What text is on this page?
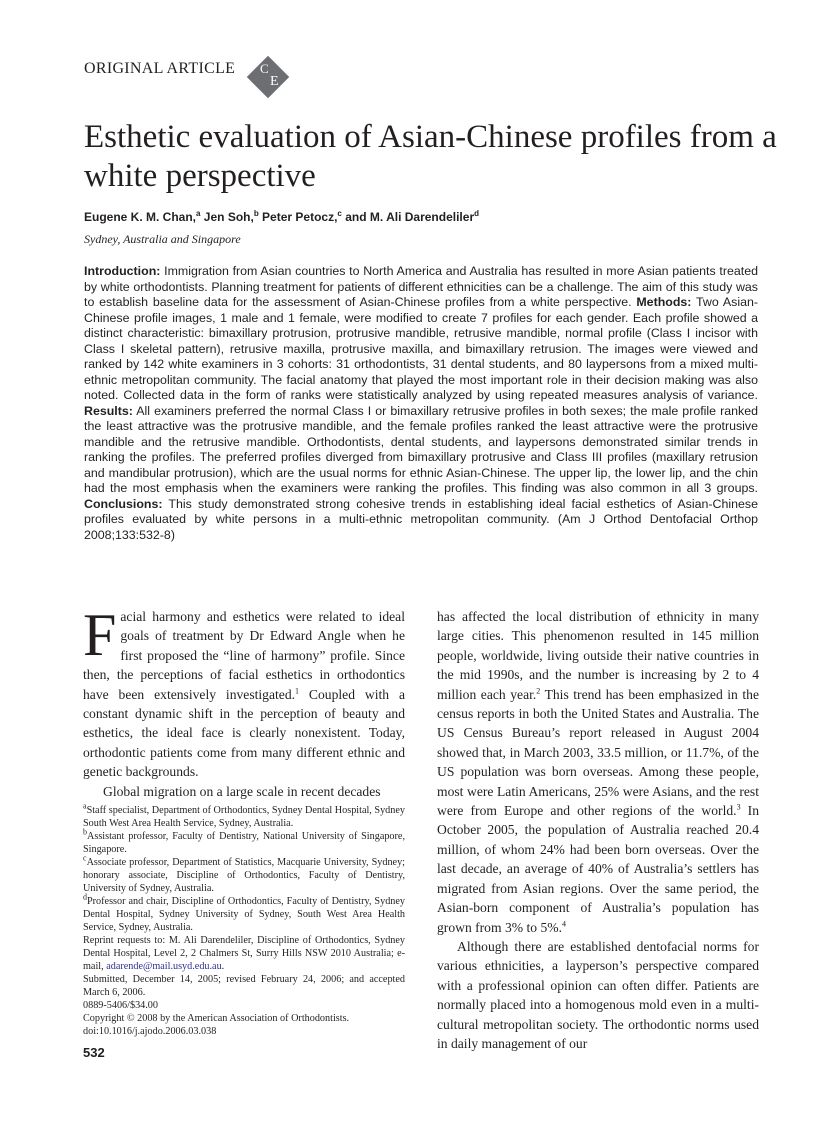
ORIGINAL ARTICLE C
E
Esthetic evaluation of Asian-Chinese profiles from a white perspective
Eugene K. M. Chan,$^a$ Jen Soh,$^b$ Peter Petocz,$^c$ and M. Ali Darendeliler$^d$
Sydney, Australia and Singapore

Introduction: Immigration from Asian countries to North America and Australia has resulted in more Asian patients treated by white orthodontists. Planning treatment for patients of different ethnicities can be a challenge. The aim of this study was to establish baseline data for the assessment of Asian-Chinese profiles from a white perspective. Methods: Two Asian-Chinese profile images, 1 male and 1 female, were modified to create 7 profiles for each gender. Each profile showed a distinct characteristic: bimaxillary protrusion, protrusive mandible, retrusive mandible, normal profile (Class I incisor with Class I skeletal pattern), retrusive maxilla, protrusive maxilla, and bimaxillary retrusion. The images were viewed and ranked by 142 white examiners in 3 cohorts: 31 orthodontists, 31 dental students, and 80 laypersons from a mixed multi-ethnic metropolitan community. The facial anatomy that played the most important role in their decision making was also noted. Collected data in the form of ranks were statistically analyzed by using repeated measures analysis of variance. Results: All examiners preferred the normal Class I or bimaxillary retrusive profiles in both sexes; the male profile ranked the least attractive was the protrusive mandible, and the female profiles ranked the least attractive were the protrusive mandible and the retrusive mandible. Orthodontists, dental students, and laypersons demonstrated similar trends in ranking the profiles. The preferred profiles diverged from bimaxillary protrusive and Class III profiles (maxillary retrusion and mandibular protrusion), which are the usual norms for ethnic Asian-Chinese. The upper lip, the lower lip, and the chin had the most emphasis when the examiners were ranking the profiles. This finding was also common in all 3 groups. Conclusions: This study demonstrated strong cohesive trends in establishing ideal facial esthetics of Asian-Chinese profiles evaluated by white persons in a multi-ethnic metropolitan community. (Am J Orthod Dentofacial Orthop 2008;133:532-8)

Facial harmony and esthetics were related to ideal goals of treatment by Dr Edward Angle when he first proposed the “line of harmony” profile. Since then, the perceptions of facial esthetics in orthodontics have been extensively investigated.$^1$ Coupled with a constant dynamic shift in the perception of beauty and esthetics, the ideal face is clearly nonexistent. Today, orthodontic patients come from many different ethnic and genetic backgrounds.

Global migration on a large scale in recent decades

has affected the local distribution of ethnicity in many large cities. This phenomenon resulted in 145 million people, worldwide, living outside their native countries in the mid 1990s, and the number is increasing by 2 to 4 million each year.$^2$ This trend has been emphasized in the census reports in both the United States and Australia. The US Census Bureau’s report released in August 2004 showed that, in March 2003, 33.5 million, or 11.7%, of the US population was born overseas. Among these people, most were Latin Americans, 25% were Asians, and the rest were from Europe and other regions of the world.$^3$ In October 2005, the population of Australia reached 20.4 million, of whom 24% had been born overseas. Over the last decade, an average of 40% of Australia’s settlers has migrated from Asian regions. Over the same period, the Asian-born component of Australia’s population has grown from 3% to 5%.$^4$

Although there are established dentofacial norms for various ethnicities, a layperson’s perspective compared with a professional opinion can often differ. Patients are normally placed into a homogenous mold even in a multi-cultural metropolitan society. The orthodontic norms used in daily management of our

$^a$Staff specialist, Department of Orthodontics, Sydney Dental Hospital, Sydney South West Area Health Service, Sydney, Australia.

$^b$Assistant professor, Faculty of Dentistry, National University of Singapore, Singapore.

$^c$Associate professor, Department of Statistics, Macquarie University, Sydney; honorary associate, Discipline of Orthodontics, Faculty of Dentistry, University of Sydney, Australia.

$^d$Professor and chair, Discipline of Orthodontics, Faculty of Dentistry, Sydney Dental Hospital, Sydney University of Sydney, South West Area Health Service, Sydney, Australia.

Reprint requests to: M. Ali Darendeliler, Discipline of Orthodontics, Sydney Dental Hospital, Level 2, 2 Chalmers St, Surry Hills NSW 2010 Australia; e-mail, adarende@mail.usyd.edu.au.

Submitted, December 14, 2005; revised February 24, 2006; and accepted March 6, 2006.

0889-5406/$34.00

Copyright © 2008 by the American Association of Orthodontists.

doi:10.1016/j.ajodo.2006.03.038

532
